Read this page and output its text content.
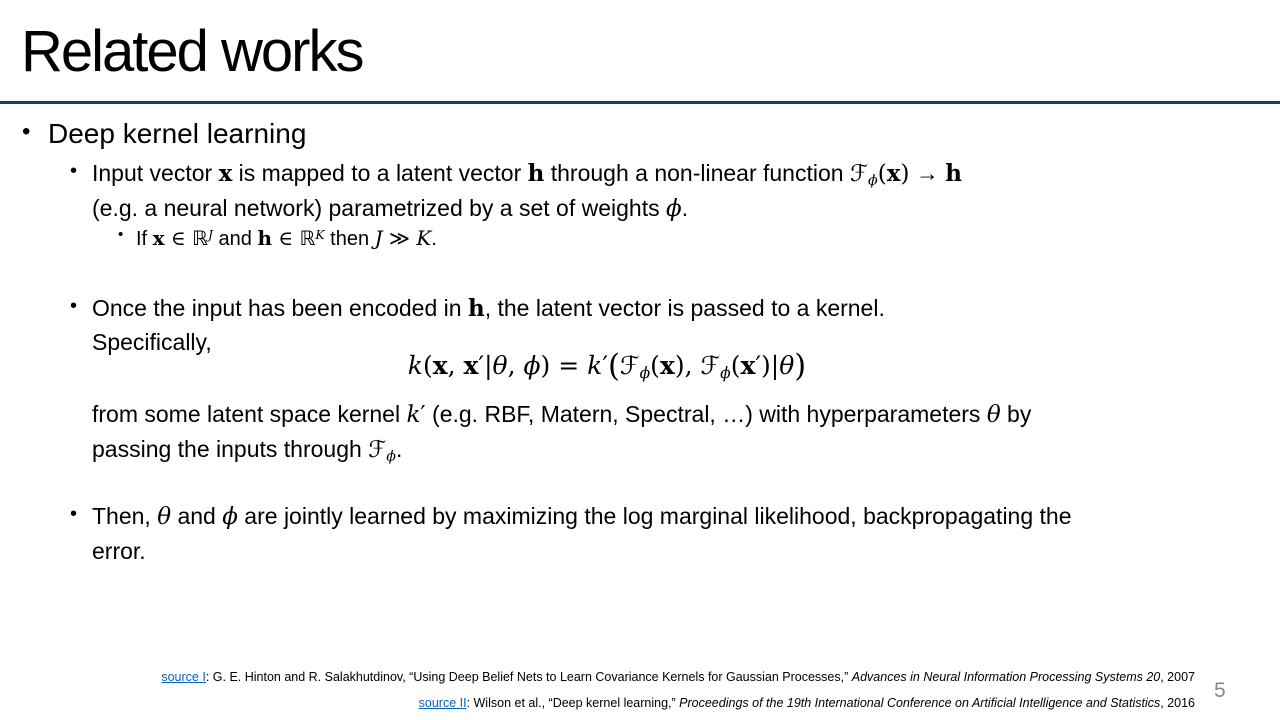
Related works
• Deep kernel learning
• Input vector x is mapped to a latent vector h through a non-linear function ℱϕ(x) → h
(e.g. a neural network) parametrized by a set of weights ϕ.
• If x ∈ ℝ$^J$ and h ∈ ℝ$^K$ then J ≫ K.
• Once the input has been encoded in h, the latent vector is passed to a kernel.
Specifically,
k(x, x′|θ, ϕ) = k′(ℱϕ(x), ℱϕ(x′)|θ)
from some latent space kernel k′ (e.g. RBF, Matern, Spectral, …) with hyperparameters θ by
passing the inputs through ℱϕ.
• Then, θ and ϕ are jointly learned by maximizing the log marginal likelihood, backpropagating the
error.
source I: G. E. Hinton and R. Salakhutdinov, “Using Deep Belief Nets to Learn Covariance Kernels for Gaussian Processes,” Advances in Neural Information Processing Systems 20, 2007
source II: Wilson et al., “Deep kernel learning,” Proceedings of the 19th International Conference on Artificial Intelligence and Statistics, 2016
5
